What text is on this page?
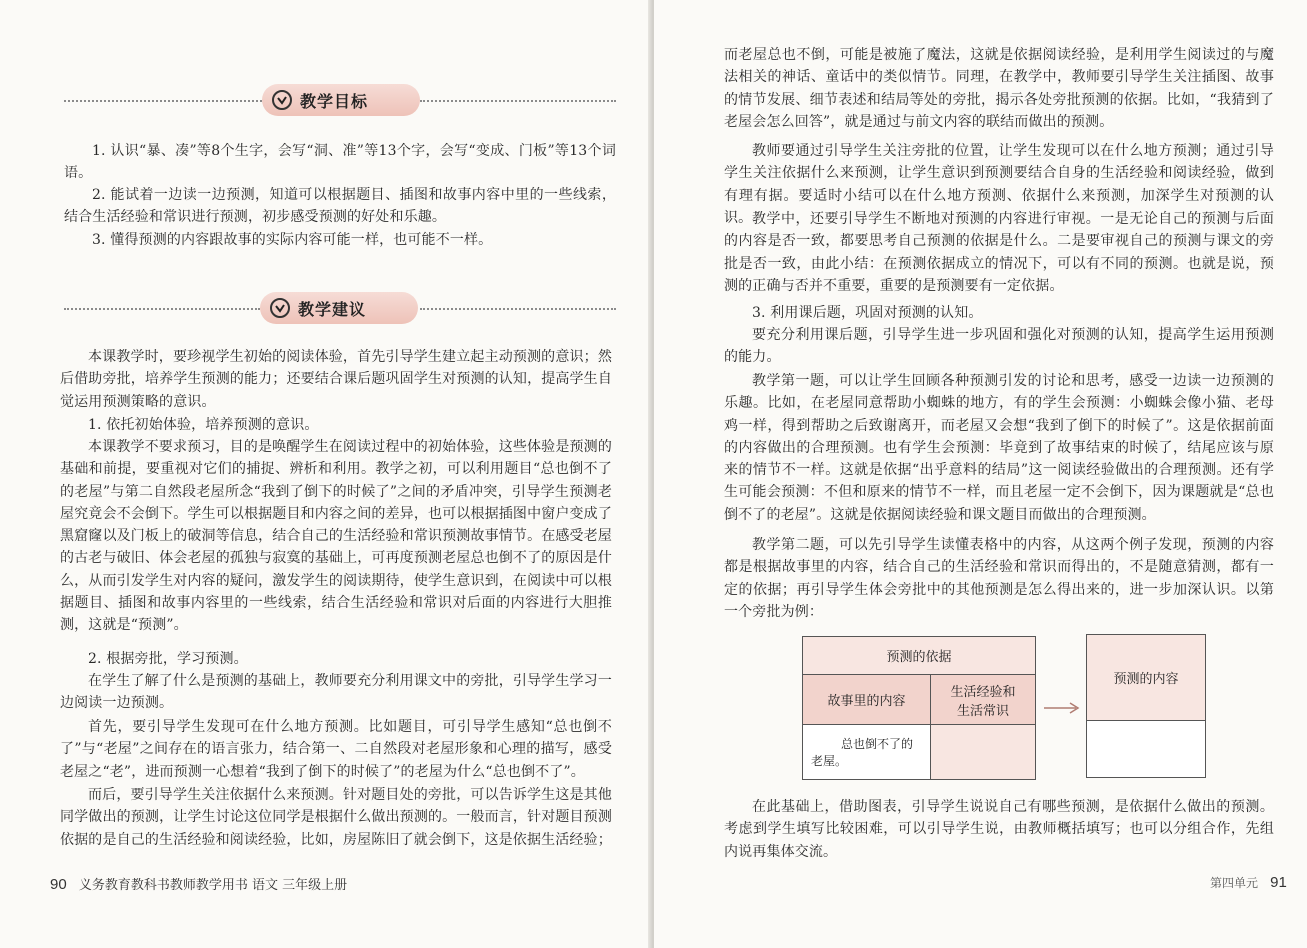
教学目标

1. 认识“暴、凑”等8个生字，会写“洞、准”等13个字，会写“变成、门板”等13个词语。

2. 能试着一边读一边预测，知道可以根据题目、插图和故事内容中里的一些线索，结合生活经验和常识进行预测，初步感受预测的好处和乐趣。

3. 懂得预测的内容跟故事的实际内容可能一样，也可能不一样。

教学建议

本课教学时，要珍视学生初始的阅读体验，首先引导学生建立起主动预测的意识；然后借助旁批，培养学生预测的能力；还要结合课后题巩固学生对预测的认知，提高学生自觉运用预测策略的意识。

1. 依托初始体验，培养预测的意识。

本课教学不要求预习，目的是唤醒学生在阅读过程中的初始体验，这些体验是预测的基础和前提，要重视对它们的捕捉、辨析和利用。教学之初，可以利用题目“总也倒不了的老屋”与第二自然段老屋所念“我到了倒下的时候了”之间的矛盾冲突，引导学生预测老屋究竟会不会倒下。学生可以根据题目和内容之间的差异，也可以根据插图中窗户变成了黑窟窿以及门板上的破洞等信息，结合自己的生活经验和常识预测故事情节。在感受老屋的古老与破旧、体会老屋的孤独与寂寞的基础上，可再度预测老屋总也倒不了的原因是什么，从而引发学生对内容的疑问，激发学生的阅读期待，使学生意识到，在阅读中可以根据题目、插图和故事内容里的一些线索，结合生活经验和常识对后面的内容进行大胆推测，这就是“预测”。

2. 根据旁批，学习预测。

在学生了解了什么是预测的基础上，教师要充分利用课文中的旁批，引导学生学习一边阅读一边预测。

首先，要引导学生发现可在什么地方预测。比如题目，可引导学生感知“总也倒不了”与“老屋”之间存在的语言张力，结合第一、二自然段对老屋形象和心理的描写，感受老屋之“老”，进而预测一心想着“我到了倒下的时候了”的老屋为什么“总也倒不了”。

而后，要引导学生关注依据什么来预测。针对题目处的旁批，可以告诉学生这是其他同学做出的预测，让学生讨论这位同学是根据什么做出预测的。一般而言，针对题目预测依据的是自己的生活经验和阅读经验，比如，房屋陈旧了就会倒下，这是依据生活经验；

90 义务教育教科书教师教学用书 语文 三年级上册

而老屋总也不倒，可能是被施了魔法，这就是依据阅读经验，是利用学生阅读过的与魔法相关的神话、童话中的类似情节。同理，在教学中，教师要引导学生关注插图、故事的情节发展、细节表述和结局等处的旁批，揭示各处旁批预测的依据。比如，“我猜到了老屋会怎么回答”，就是通过与前文内容的联结而做出的预测。

教师要通过引导学生关注旁批的位置，让学生发现可以在什么地方预测；通过引导学生关注依据什么来预测，让学生意识到预测要结合自身的生活经验和阅读经验，做到有理有据。要适时小结可以在什么地方预测、依据什么来预测，加深学生对预测的认识。 教学中，还要引导学生不断地对预测的内容进行审视。一是无论自己的预测与后面的内容是否一致，都要思考自己预测的依据是什么。二是要审视自己的预测与课文的旁批是否一致，由此小结：在预测依据成立的情况下，可以有不同的预测。也就是说，预测的正确与否并不重要，重要的是预测要有一定依据。

3. 利用课后题，巩固对预测的认知。

要充分利用课后题，引导学生进一步巩固和强化对预测的认知，提高学生运用预测的能力。

教学第一题，可以让学生回顾各种预测引发的讨论和思考，感受一边读一边预测的乐趣。比如，在老屋同意帮助小蜘蛛的地方，有的学生会预测：小蜘蛛会像小猫、老母鸡一样，得到帮助之后致谢离开，而老屋又会想“我到了倒下的时候了”。这是依据前面的内容做出的合理预测。也有学生会预测：毕竟到了故事结束的时候了，结尾应该与原来的情节不一样。这就是依据“出乎意料的结局”这一阅读经验做出的合理预测。还有学生可能会预测：不但和原来的情节不一样，而且老屋一定不会倒下，因为课题就是“总也倒不了的老屋”。这就是依据阅读经验和课文题目而做出的合理预测。

教学第二题，可以先引导学生读懂表格中的内容，从这两个例子发现，预测的内容都是根据故事里的内容，结合自己的生活经验和常识而得出的，不是随意猜测，都有一定的依据；再引导学生体会旁批中的其他预测是怎么得出来的，进一步加深认识。以第一个旁批为例：

预测的依据
故事里的内容
生活经验和
生活常识
总也倒不了的
老屋。
预测的内容

在此基础上，借助图表，引导学生说说自己有哪些预测，是依据什么做出的预测。考虑到学生填写比较困难，可以引导学生说，由教师概括填写；也可以分组合作，先组内说再集体交流。

第四单元 91
